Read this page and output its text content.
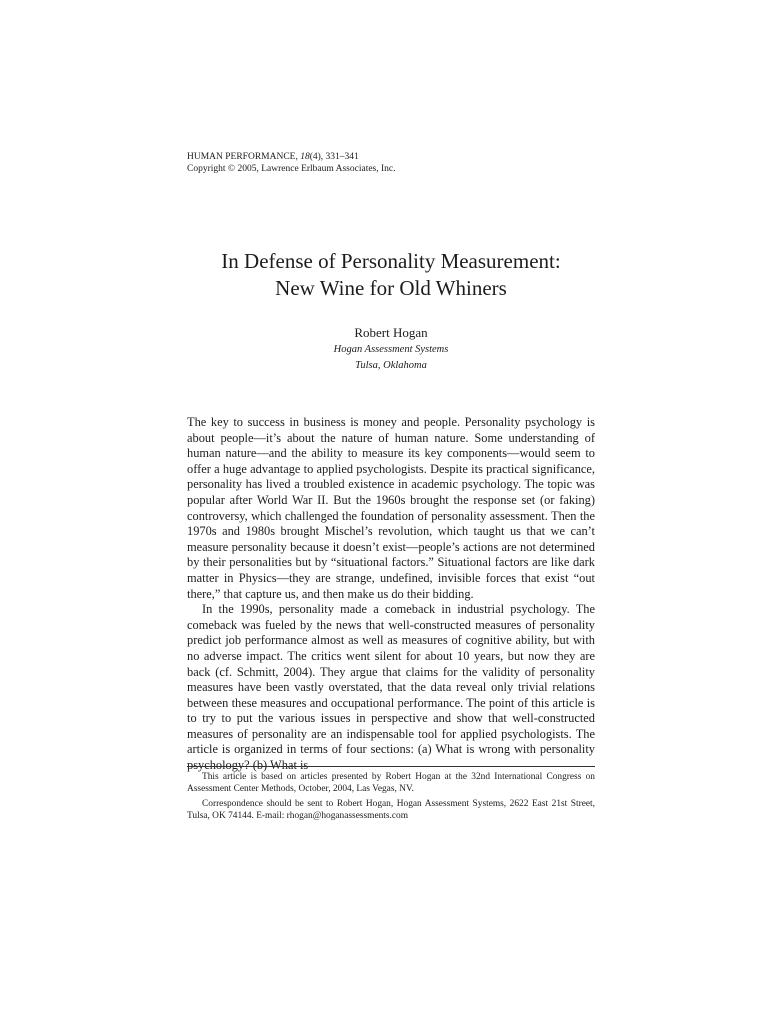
HUMAN PERFORMANCE, 18(4), 331–341
Copyright © 2005, Lawrence Erlbaum Associates, Inc.
In Defense of Personality Measurement:
New Wine for Old Whiners
Robert Hogan
Hogan Assessment Systems
Tulsa, Oklahoma

The key to success in business is money and people. Personality psychology is about people—it’s about the nature of human nature. Some understanding of human nature—and the ability to measure its key components—would seem to offer a huge advantage to applied psychologists. Despite its practical significance, personality has lived a troubled existence in academic psychology. The topic was popular after World War II. But the 1960s brought the response set (or faking) controversy, which challenged the foundation of personality assessment. Then the 1970s and 1980s brought Mischel’s revolution, which taught us that we can’t measure personality because it doesn’t exist—people’s actions are not determined by their personalities but by “situational factors.” Situational factors are like dark matter in Physics—they are strange, undefined, invisible forces that exist “out there,” that capture us, and then make us do their bidding.

In the 1990s, personality made a comeback in industrial psychology. The comeback was fueled by the news that well-constructed measures of personality predict job performance almost as well as measures of cognitive ability, but with no adverse impact. The critics went silent for about 10 years, but now they are back (cf. Schmitt, 2004). They argue that claims for the validity of personality measures have been vastly overstated, that the data reveal only trivial relations between these measures and occupational performance. The point of this article is to try to put the various issues in perspective and show that well-constructed measures of personality are an indispensable tool for applied psychologists. The article is organized in terms of four sections: (a) What is wrong with personality psychology? (b) What is

This article is based on articles presented by Robert Hogan at the 32nd International Congress on Assessment Center Methods, October, 2004, Las Vegas, NV.

Correspondence should be sent to Robert Hogan, Hogan Assessment Systems, 2622 East 21st Street, Tulsa, OK 74144. E-mail: rhogan@hoganassessments.com
